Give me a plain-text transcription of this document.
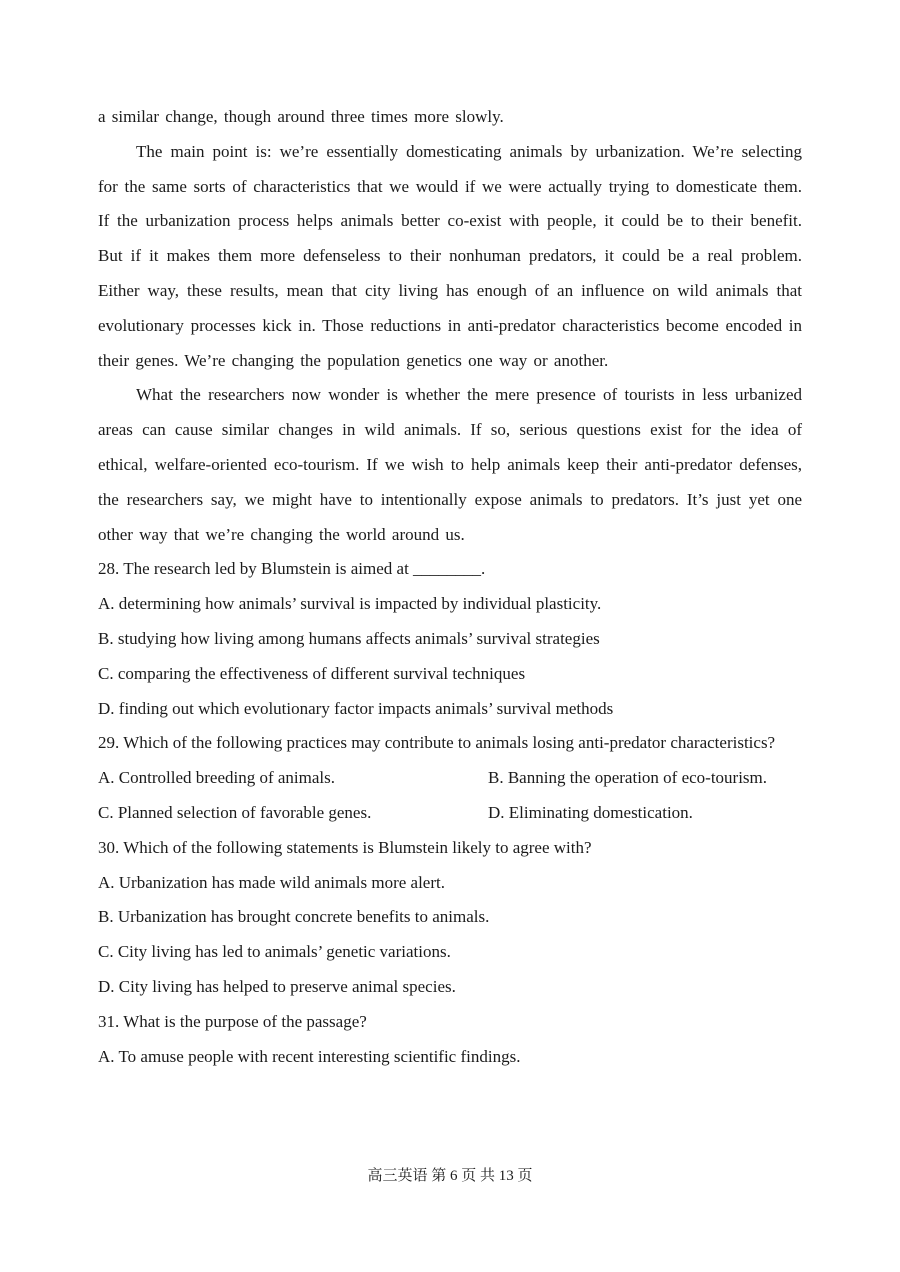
a similar change, though around three times more slowly.

The main point is: we’re essentially domesticating animals by urbanization. We’re selecting for the same sorts of characteristics that we would if we were actually trying to domesticate them. If the urbanization process helps animals better co-exist with people, it could be to their benefit. But if it makes them more defenseless to their nonhuman predators, it could be a real problem. Either way, these results, mean that city living has enough of an influence on wild animals that evolutionary processes kick in. Those reductions in anti-predator characteristics become encoded in their genes. We’re changing the population genetics one way or another.

What the researchers now wonder is whether the mere presence of tourists in less urbanized areas can cause similar changes in wild animals. If so, serious questions exist for the idea of ethical, welfare-oriented eco-tourism. If we wish to help animals keep their anti-predator defenses, the researchers say, we might have to intentionally expose animals to predators. It’s just yet one other way that we’re changing the world around us.

28. The research led by Blumstein is aimed at ________.

A. determining how animals’ survival is impacted by individual plasticity.

B. studying how living among humans affects animals’ survival strategies

C. comparing the effectiveness of different survival techniques

D. finding out which evolutionary factor impacts animals’ survival methods

29. Which of the following practices may contribute to animals losing anti-predator characteristics?

A. Controlled breeding of animals.	B. Banning the operation of eco-tourism.
C. Planned selection of favorable genes.	D. Eliminating domestication.

30. Which of the following statements is Blumstein likely to agree with?

A. Urbanization has made wild animals more alert.

B. Urbanization has brought concrete benefits to animals.

C. City living has led to animals’ genetic variations.

D. City living has helped to preserve animal species.

31. What is the purpose of the passage?

A. To amuse people with recent interesting scientific findings.

高三英语 第 6 页 共 13 页
